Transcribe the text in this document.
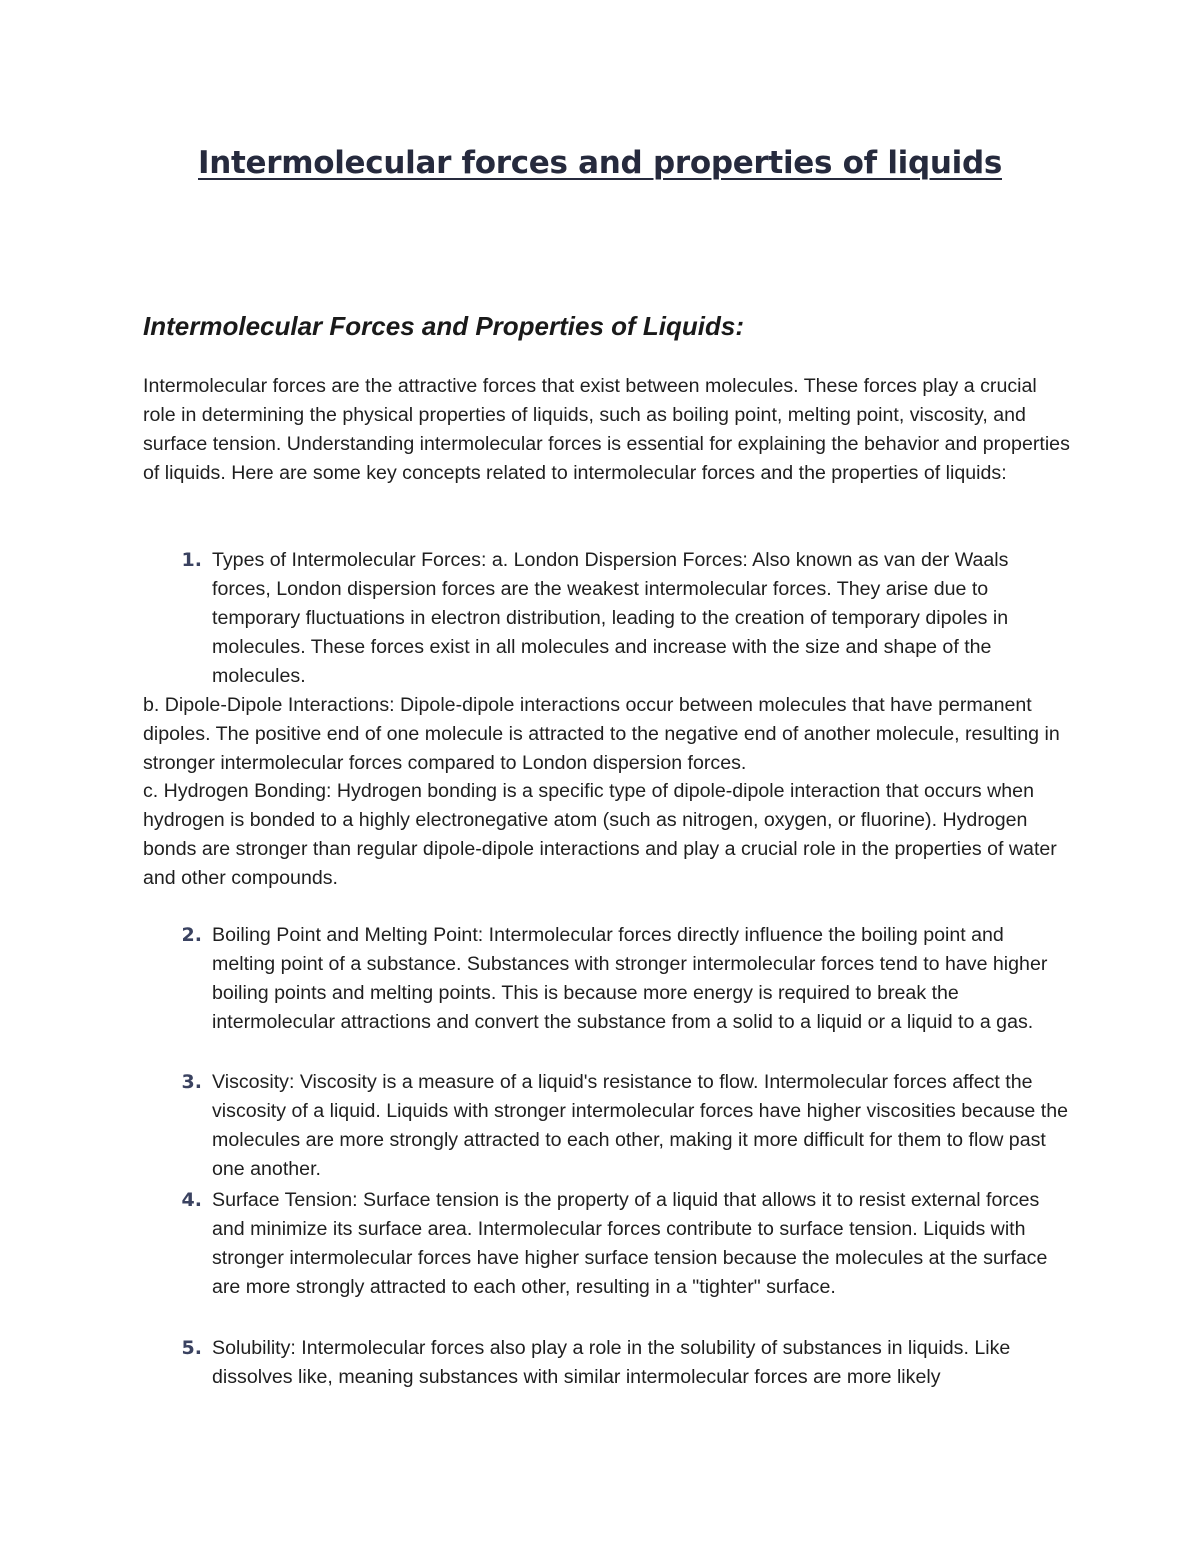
Intermolecular forces and properties of liquids
Intermolecular Forces and Properties of Liquids:

Intermolecular forces are the attractive forces that exist between molecules. These forces play a crucial role in determining the physical properties of liquids, such as boiling point, melting point, viscosity, and surface tension. Understanding intermolecular forces is essential for explaining the behavior and properties of liquids. Here are some key concepts related to intermolecular forces and the properties of liquids:

1. Types of Intermolecular Forces: a. London Dispersion Forces: Also known as van der Waals forces, London dispersion forces are the weakest intermolecular forces. They arise due to temporary fluctuations in electron distribution, leading to the creation of temporary dipoles in molecules. These forces exist in all molecules and increase with the size and shape of the molecules.

b. Dipole-Dipole Interactions: Dipole-dipole interactions occur between molecules that have permanent dipoles. The positive end of one molecule is attracted to the negative end of another molecule, resulting in stronger intermolecular forces compared to London dispersion forces.

c. Hydrogen Bonding: Hydrogen bonding is a specific type of dipole-dipole interaction that occurs when hydrogen is bonded to a highly electronegative atom (such as nitrogen, oxygen, or fluorine). Hydrogen bonds are stronger than regular dipole-dipole interactions and play a crucial role in the properties of water and other compounds.

2. Boiling Point and Melting Point: Intermolecular forces directly influence the boiling point and melting point of a substance. Substances with stronger intermolecular forces tend to have higher boiling points and melting points. This is because more energy is required to break the intermolecular attractions and convert the substance from a solid to a liquid or a liquid to a gas.
3. Viscosity: Viscosity is a measure of a liquid's resistance to flow. Intermolecular forces affect the viscosity of a liquid. Liquids with stronger intermolecular forces have higher viscosities because the molecules are more strongly attracted to each other, making it more difficult for them to flow past one another.
4. Surface Tension: Surface tension is the property of a liquid that allows it to resist external forces and minimize its surface area. Intermolecular forces contribute to surface tension. Liquids with stronger intermolecular forces have higher surface tension because the molecules at the surface are more strongly attracted to each other, resulting in a "tighter" surface.
5. Solubility: Intermolecular forces also play a role in the solubility of substances in liquids. Like dissolves like, meaning substances with similar intermolecular forces are more likely
